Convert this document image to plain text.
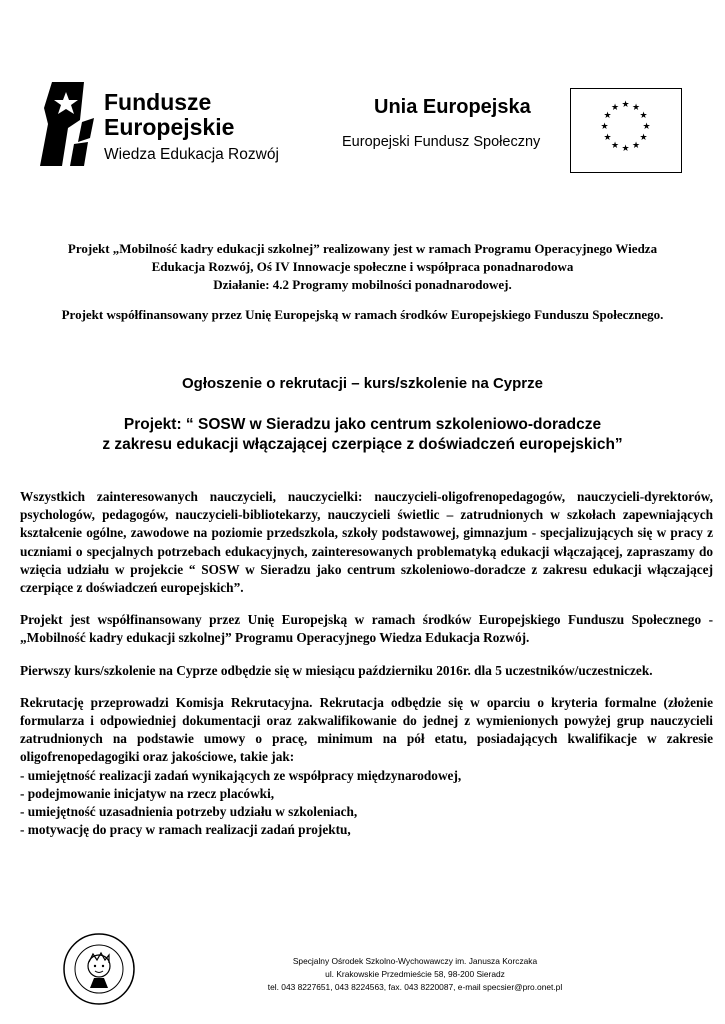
Fundusze
Europejskie
Wiedza Edukacja Rozwój
Unia Europejska
Europejski Fundusz Społeczny
★ ★
★
★
★
★
★
★
★
★
★
★

Projekt „Mobilność kadry edukacji szkolnej” realizowany jest w ramach Programu Operacyjnego Wiedza

Edukacja Rozwój, Oś IV Innowacje społeczne i współpraca ponadnarodowa

Działanie: 4.2 Programy mobilności ponadnarodowej.

Projekt współfinansowany przez Unię Europejską w ramach środków Europejskiego Funduszu Społecznego.

Ogłoszenie o rekrutacji – kurs/szkolenie na Cyprze
Projekt: “ SOSW w Sieradzu jako centrum szkoleniowo-doradcze
z zakresu edukacji włączającej czerpiące z doświadczeń europejskich”

Wszystkich zainteresowanych nauczycieli, nauczycielki: nauczycieli-oligofrenopedagogów, nauczycieli-dyrektorów, psychologów, pedagogów, nauczycieli-bibliotekarzy, nauczycieli świetlic – zatrudnionych w szkołach zapewniających kształcenie ogólne, zawodowe na poziomie przedszkola, szkoły podstawowej, gimnazjum - specjalizujących się w pracy z uczniami o specjalnych potrzebach edukacyjnych, zainteresowanych problematyką edukacji włączającej, zapraszamy do wzięcia udziału w projekcie “ SOSW w Sieradzu jako centrum szkoleniowo-doradcze z zakresu edukacji włączającej czerpiące z doświadczeń europejskich”.

Projekt jest współfinansowany przez Unię Europejską w ramach środków Europejskiego Funduszu Społecznego - „Mobilność kadry edukacji szkolnej” Programu Operacyjnego Wiedza Edukacja Rozwój.

Pierwszy kurs/szkolenie na Cyprze odbędzie się w miesiącu październiku 2016r. dla 5 uczestników/uczestniczek.

Rekrutację przeprowadzi Komisja Rekrutacyjna. Rekrutacja odbędzie się w oparciu o kryteria formalne (złożenie formularza i odpowiedniej dokumentacji oraz zakwalifikowanie do jednej z wymienionych powyżej grup nauczycieli zatrudnionych na podstawie umowy o pracę, minimum na pół etatu, posiadających kwalifikacje w zakresie oligofrenopedagogiki oraz jakościowe, takie jak:
- umiejętność realizacji zadań wynikających ze współpracy międzynarodowej,
- podejmowanie inicjatyw na rzecz placówki,
- umiejętność uzasadnienia potrzeby udziału w szkoleniach,
- motywację do pracy w ramach realizacji zadań projektu,

Specjalny Ośrodek Szkolno-Wychowawczy im. Janusza Korczaka
ul. Krakowskie Przedmieście 58, 98-200 Sieradz
tel. 043 8227651, 043 8224563, fax. 043 8220087, e-mail specsier@pro.onet.pl
